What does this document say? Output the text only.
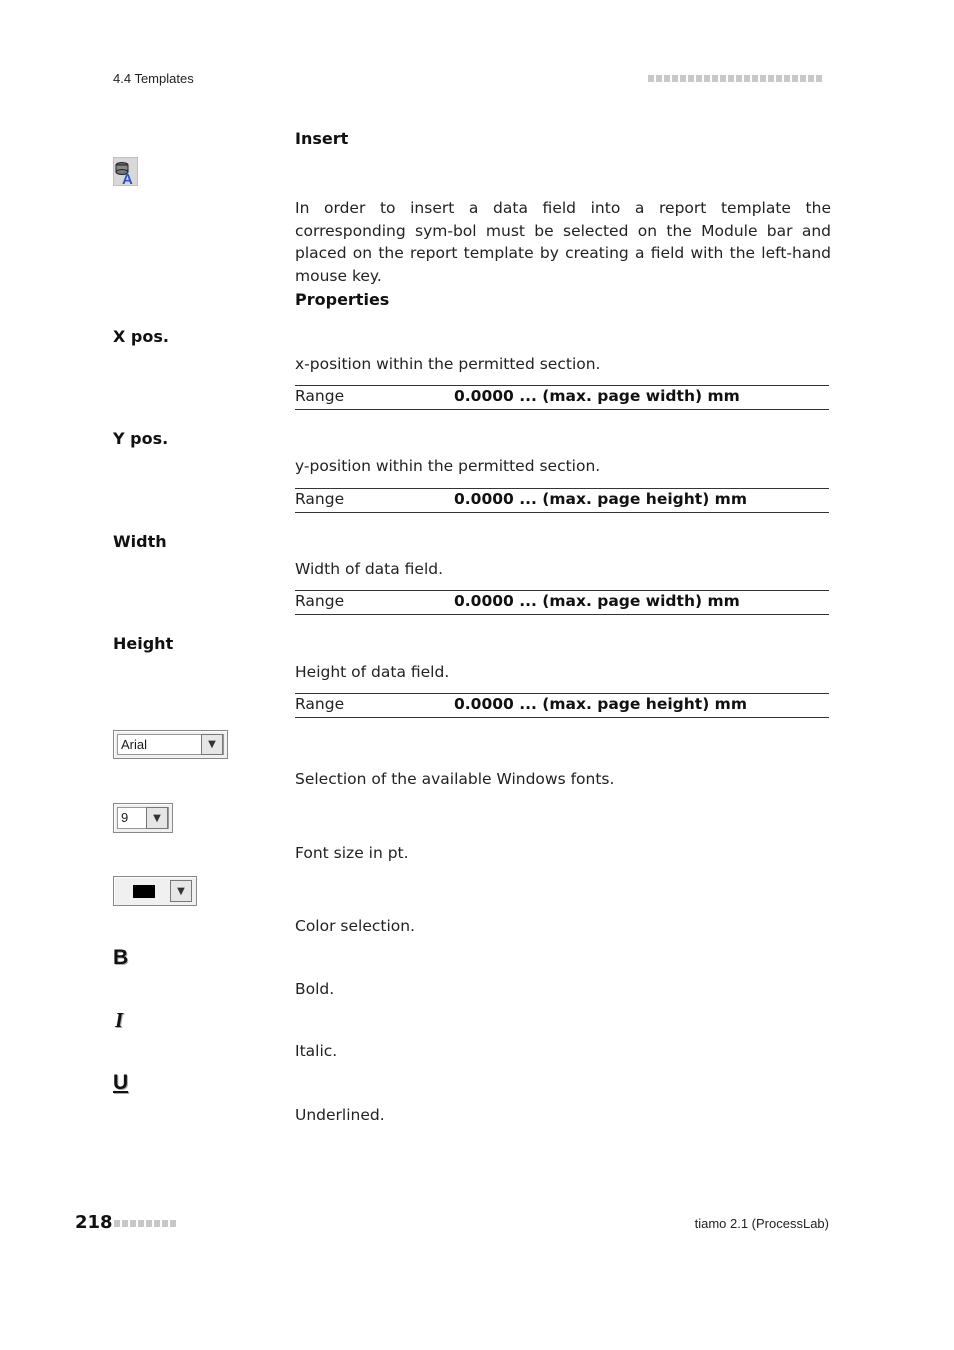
4.4 Templates
Insert
A
In order to insert a data field into a report template the corresponding sym-bol must be selected on the Module bar and placed on the report template by creating a field with the left-hand mouse key.
Properties
X pos.
x-position within the permitted section.
Range	0.0000 ... (max. page width) mm
Y pos.
y-position within the permitted section.
Range	0.0000 ... (max. page height) mm
Width
Width of data field.
Range	0.0000 ... (max. page width) mm
Height
Height of data field.
Range	0.0000 ... (max. page height) mm
Arial	▼
Selection of the available Windows fonts.
9	▼
Font size in pt.
▼
Color selection.
B
Bold.
I
Italic.
U
Underlined.
218	tiamo 2.1 (ProcessLab)
